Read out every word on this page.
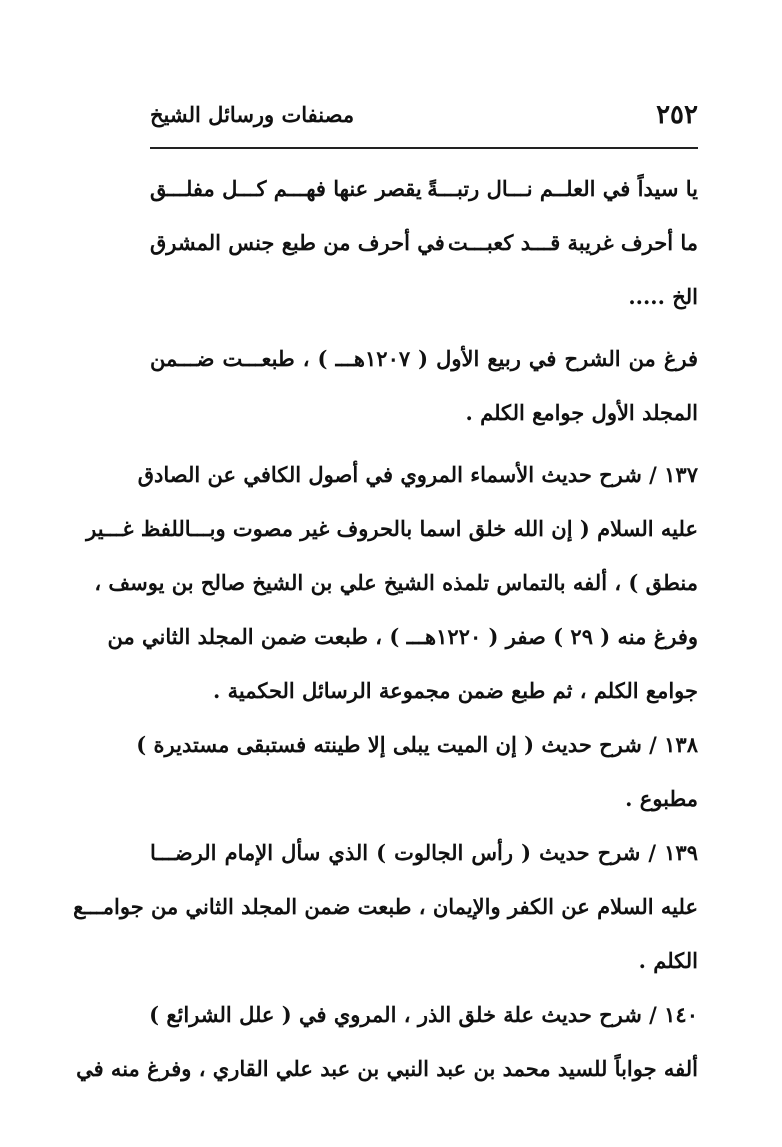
٢٥٢
مصنفات ورسائل الشيخ
يا سيداً في العلــم نـــال رتبـــةً
يقصر عنها فهـــم كـــل مفلـــق
ما أحرف غريبة قـــد كعبـــت
في أحرف من طبع جنس المشرق
الخ .....
فرغ من الشرح في ربيع الأول ( ١٢٠٧هـــ ) ، طبعـــت ضـــمن
المجلد الأول جوامع الكلم .
١٣٧ / شرح حديث الأسماء المروي في أصول الكافي عن الصادق
عليه السلام ( إن الله خلق اسما بالحروف غير مصوت وبـــاللفظ غـــير
منطق ) ، ألفه بالتماس تلمذه الشيخ علي بن الشيخ صالح بن يوسف ،
وفرغ منه ( ٢٩ ) صفر ( ١٢٢٠هـــ ) ، طبعت ضمن المجلد الثاني من
جوامع الكلم ، ثم طبع ضمن مجموعة الرسائل الحكمية .
١٣٨ / شرح حديث ( إن الميت يبلى إلا طينته فستبقى مستديرة )
مطبوع .
١٣٩ / شرح حديث ( رأس الجالوت ) الذي سأل الإمام الرضـــا
عليه السلام عن الكفر والإيمان ، طبعت ضمن المجلد الثاني من جوامـــع
الكلم .
١٤٠ / شرح حديث علة خلق الذر ، المروي في ( علل الشرائع )
ألفه جواباً للسيد محمد بن عبد النبي بن عبد علي القاري ، وفرغ منه في
